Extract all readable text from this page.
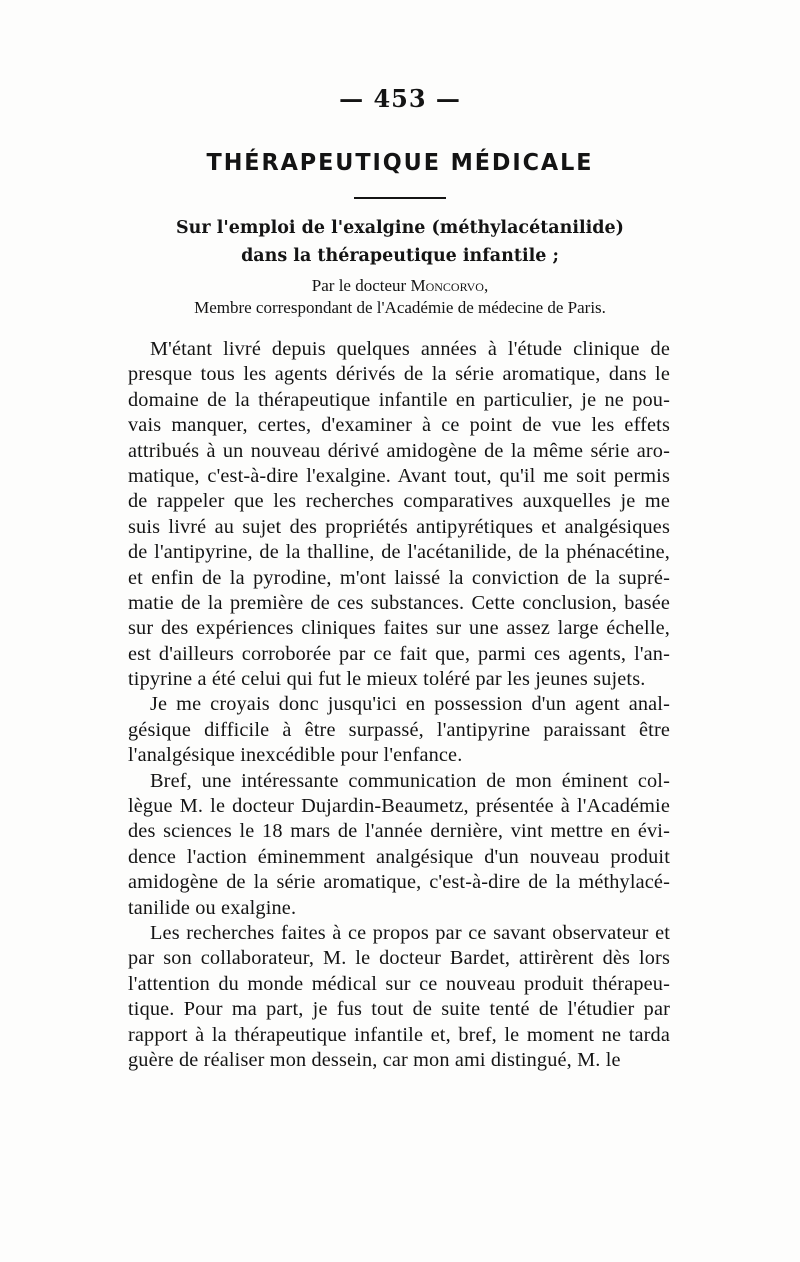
— 453 —
THÉRAPEUTIQUE MÉDICALE
Sur l'emploi de l'exalgine (méthylacétanilide)
dans la thérapeutique infantile ;
Par le docteur Moncorvo,
Membre correspondant de l'Académie de médecine de Paris.
M'étant livré depuis quelques années à l'étude clinique de
presque tous les agents dérivés de la série aromatique, dans le
domaine de la thérapeutique infantile en particulier, je ne pou-
vais manquer, certes, d'examiner à ce point de vue les effets
attribués à un nouveau dérivé amidogène de la même série aro-
matique, c'est-à-dire l'exalgine. Avant tout, qu'il me soit permis
de rappeler que les recherches comparatives auxquelles je me
suis livré au sujet des propriétés antipyrétiques et analgésiques
de l'antipyrine, de la thalline, de l'acétanilide, de la phénacétine,
et enfin de la pyrodine, m'ont laissé la conviction de la supré-
matie de la première de ces substances. Cette conclusion, basée
sur des expériences cliniques faites sur une assez large échelle,
est d'ailleurs corroborée par ce fait que, parmi ces agents, l'an-
tipyrine a été celui qui fut le mieux toléré par les jeunes sujets.
Je me croyais donc jusqu'ici en possession d'un agent anal-
gésique difficile à être surpassé, l'antipyrine paraissant être
l'analgésique inexcédible pour l'enfance.
Bref, une intéressante communication de mon éminent col-
lègue M. le docteur Dujardin-Beaumetz, présentée à l'Académie
des sciences le 18 mars de l'année dernière, vint mettre en évi-
dence l'action éminemment analgésique d'un nouveau produit
amidogène de la série aromatique, c'est-à-dire de la méthylacé-
tanilide ou exalgine.
Les recherches faites à ce propos par ce savant observateur et
par son collaborateur, M. le docteur Bardet, attirèrent dès lors
l'attention du monde médical sur ce nouveau produit thérapeu-
tique. Pour ma part, je fus tout de suite tenté de l'étudier par
rapport à la thérapeutique infantile et, bref, le moment ne tarda
guère de réaliser mon dessein, car mon ami distingué, M. le
